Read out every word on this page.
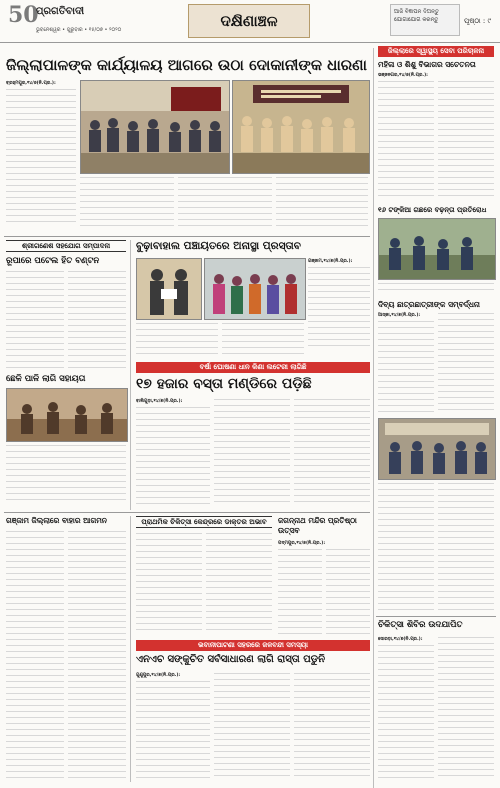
50
ପ୍ରଗତିବାଦୀ
ଭୁବନେଶ୍ୱର • ଗୁରୁବାର • ୧୫/୦୭ • ୨୦୨୦	ଦକ୍ଷିଣାଞ୍ଚଳ	ଆଜି ବିଜ୍ଞାପନ ଦିଅନ୍ତୁ ଯୋଗାଯୋଗ କରନ୍ତୁ	ପୃଷ୍ଠା : ୯
ଜିଲ୍ଲାପାଳଙ୍କ କାର୍ଯ୍ୟାଳୟ ଆଗରେ ଉଠା ଦୋକାନୀଙ୍କ ଧାରଣା
ବ୍ରହ୍ମପୁର,୧୪/୭(ନି.ପ୍ର.):
ଜିଲ୍ଲାରେ ସ୍ୱାସ୍ଥ୍ୟ ସେବା ପରିଚାଳନା
ମହିଳା ଓ ଶିଶୁ ବିଭାଗର ସଚେତନତା
ଭଞ୍ଜନଗର,୧୪/୭(ନି.ପ୍ର.):
୧୬ ଟଙ୍କିଆ ଗଛରେ ବଢ଼ନ୍ତା ପ୍ରତିରୋଧ
ଶ୍ରୀଗଣେଶ ସହଯୋଗ ସମ୍ପାଦନା
ରୂପାରେ ପଟେଲ ହିତ ବଣ୍ଟନ
ଛେଳି ପାଳି ଲାଗି ସହାୟତା
ବୁଢ଼ାବାହାଲ ପଞ୍ଚାୟତରେ ଅନାସ୍ଥା ପ୍ରସ୍ତାବ
ଗଞ୍ଜାମ,୧୪/୭(ନି.ପ୍ର.):
ବର୍ଷା ଘୋଷଣା ଧାନ କିଣା ଲଟେରୀ ଲାଗିଛି
୧୭ ହଜାର ବସ୍ତା ମଣ୍ଡିରେ ପଡ଼ିଛି
ବାଲିଗୁଡ଼ା,୧୪/୭(ନି.ପ୍ର.):
ଦିବ୍ୟ ଛାତ୍ରଛାତ୍ରୀଙ୍କ ସମ୍ବର୍ଦ୍ଧନା
ଆସ୍କା,୧୪/୭(ନି.ପ୍ର.):
ଗଞ୍ଜାମ ଜିଲ୍ଲାରେ ବାହାର ଆଗମନ	ପ୍ରାଥମିକ ଚିକିତ୍ସା କେନ୍ଦ୍ରରେ ଡାକ୍ତର ଅଭାବ	ଜଗନ୍ନାଥ ମନ୍ଦିର ପ୍ରତିଷ୍ଠା ଉତ୍ସବ
ପଦ୍ମପୁର,୧୪/୭(ନି.ପ୍ର.):
ଭବାନୀପାଟଣା ସହରରେ ଜଳବନ୍ଦୀ ସମସ୍ୟା
ଏନଏଚ ସଙ୍କୁଚିତ ସର୍ବସାଧାରଣ ଲାଗି ରାସ୍ତା ପଡୁନି
ଗୁଣୁପୁର,୧୪/୭(ନି.ପ୍ର.):
ଚିକିତ୍ସା ଶିବିର ଉଦଯାପିତ
ସୋରଡ଼ା,୧୪/୭(ନି.ପ୍ର.):
